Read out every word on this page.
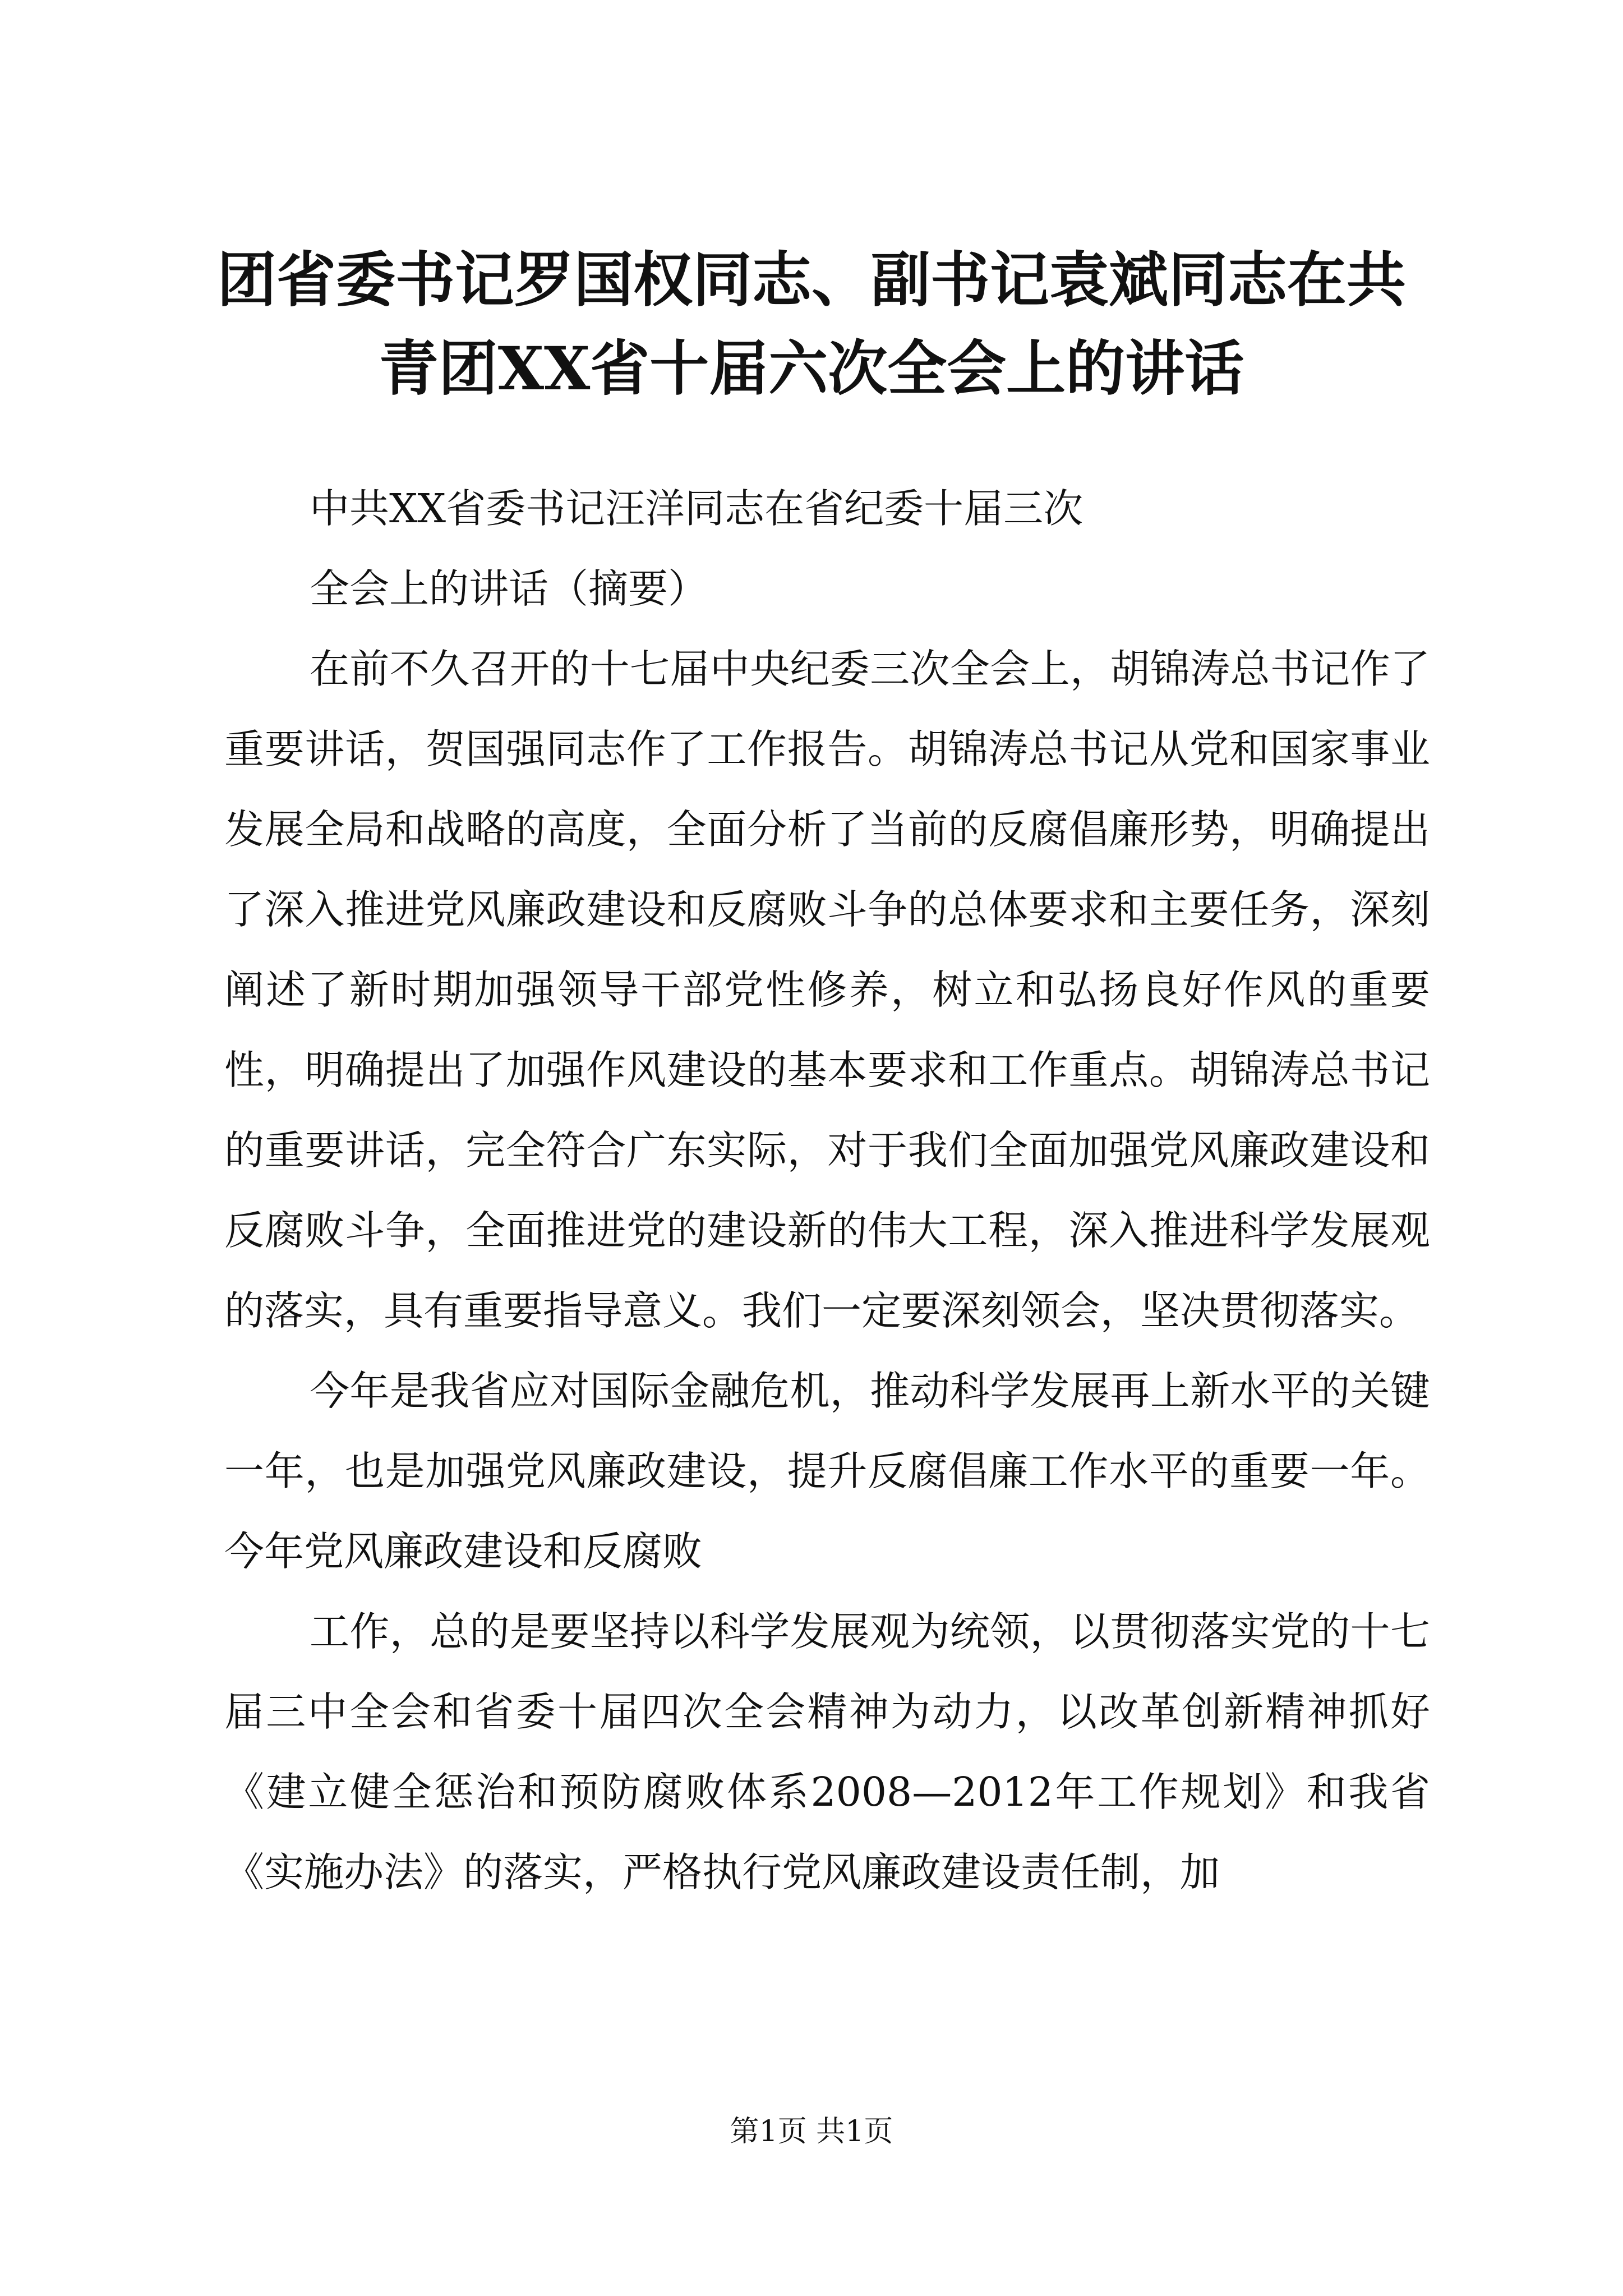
团省委书记罗国权同志、副书记袁斌同志在共
青团XX省十届六次全会上的讲话

中共XX省委书记汪洋同志在省纪委十届三次

全会上的讲话（摘要）

在前不久召开的十七届中央纪委三次全会上，胡锦涛总书记作了重要讲话，贺国强同志作了工作报告。胡锦涛总书记从党和国家事业发展全局和战略的高度，全面分析了当前的反腐倡廉形势，明确提出了深入推进党风廉政建设和反腐败斗争的总体要求和主要任务，深刻阐述了新时期加强领导干部党性修养，树立和弘扬良好作风的重要性，明确提出了加强作风建设的基本要求和工作重点。胡锦涛总书记的重要讲话，完全符合广东实际，对于我们全面加强党风廉政建设和反腐败斗争，全面推进党的建设新的伟大工程，深入推进科学发展观的落实，具有重要指导意义。我们一定要深刻领会，坚决贯彻落实。

今年是我省应对国际金融危机，推动科学发展再上新水平的关键一年，也是加强党风廉政建设，提升反腐倡廉工作水平的重要一年。今年党风廉政建设和反腐败

工作，总的是要坚持以科学发展观为统领，以贯彻落实党的十七届三中全会和省委十届四次全会精神为动力，以改革创新精神抓好《建立健全惩治和预防腐败体系2008—2012年工作规划》和我省《实施办法》的落实，严格执行党风廉政建设责任制，加

第1页 共1页
